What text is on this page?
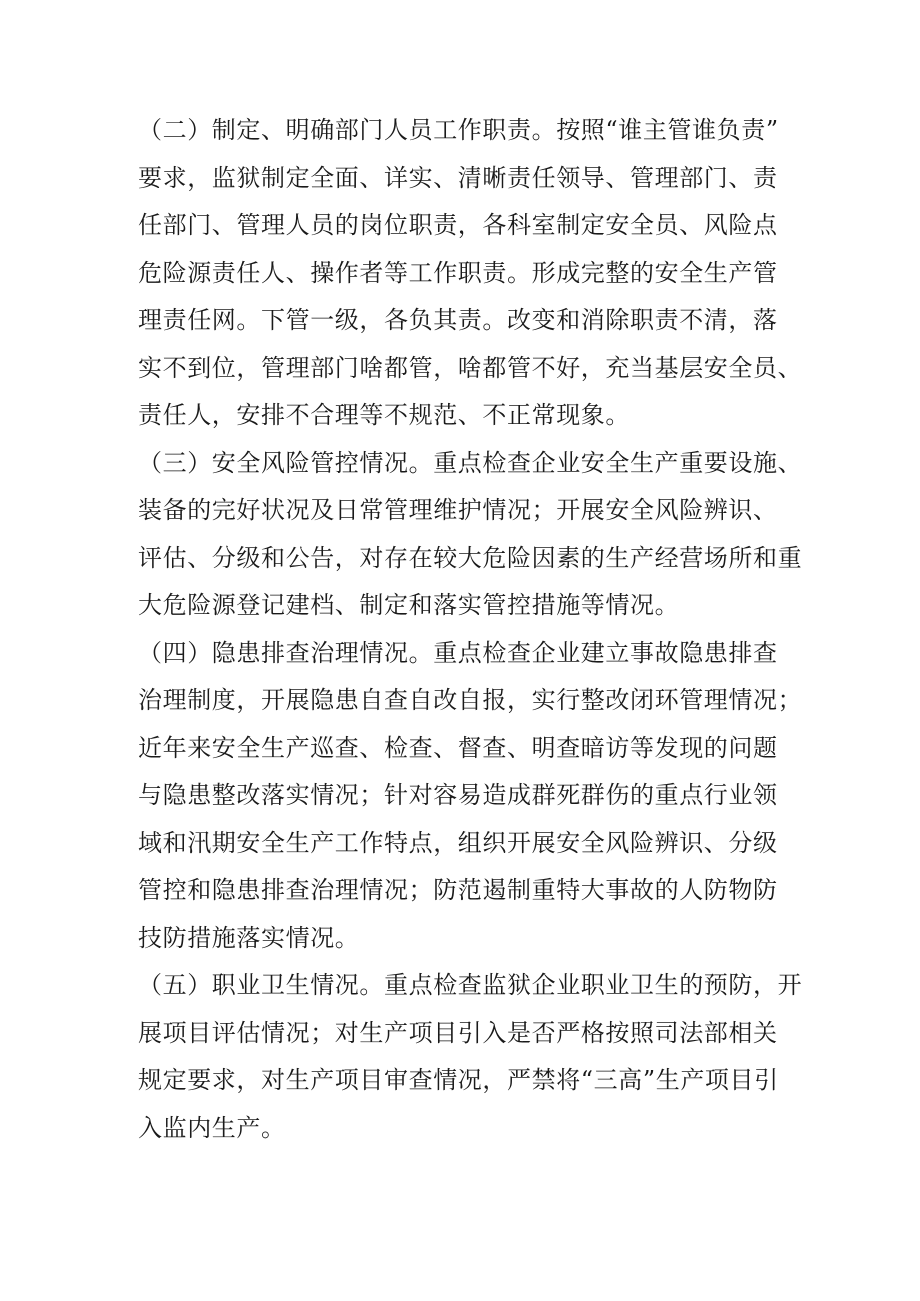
（二）制定、明确部门人员工作职责。按照“谁主管谁负责”
要求，监狱制定全面、详实、清晰责任领导、管理部门、责
任部门、管理人员的岗位职责，各科室制定安全员、风险点
危险源责任人、操作者等工作职责。形成完整的安全生产管
理责任网。下管一级，各负其责。改变和消除职责不清，落
实不到位，管理部门啥都管，啥都管不好，充当基层安全员、
责任人，安排不合理等不规范、不正常现象。

（三）安全风险管控情况。重点检查企业安全生产重要设施、
装备的完好状况及日常管理维护情况；开展安全风险辨识、
评估、分级和公告，对存在较大危险因素的生产经营场所和重
大危险源登记建档、制定和落实管控措施等情况。

（四）隐患排查治理情况。重点检查企业建立事故隐患排查
治理制度，开展隐患自查自改自报，实行整改闭环管理情况；
近年来安全生产巡查、检查、督查、明查暗访等发现的问题
与隐患整改落实情况；针对容易造成群死群伤的重点行业领
域和汛期安全生产工作特点，组织开展安全风险辨识、分级
管控和隐患排查治理情况；防范遏制重特大事故的人防物防
技防措施落实情况。

（五）职业卫生情况。重点检查监狱企业职业卫生的预防，开
展项目评估情况；对生产项目引入是否严格按照司法部相关
规定要求，对生产项目审查情况，严禁将“三高”生产项目引
入监内生产。
